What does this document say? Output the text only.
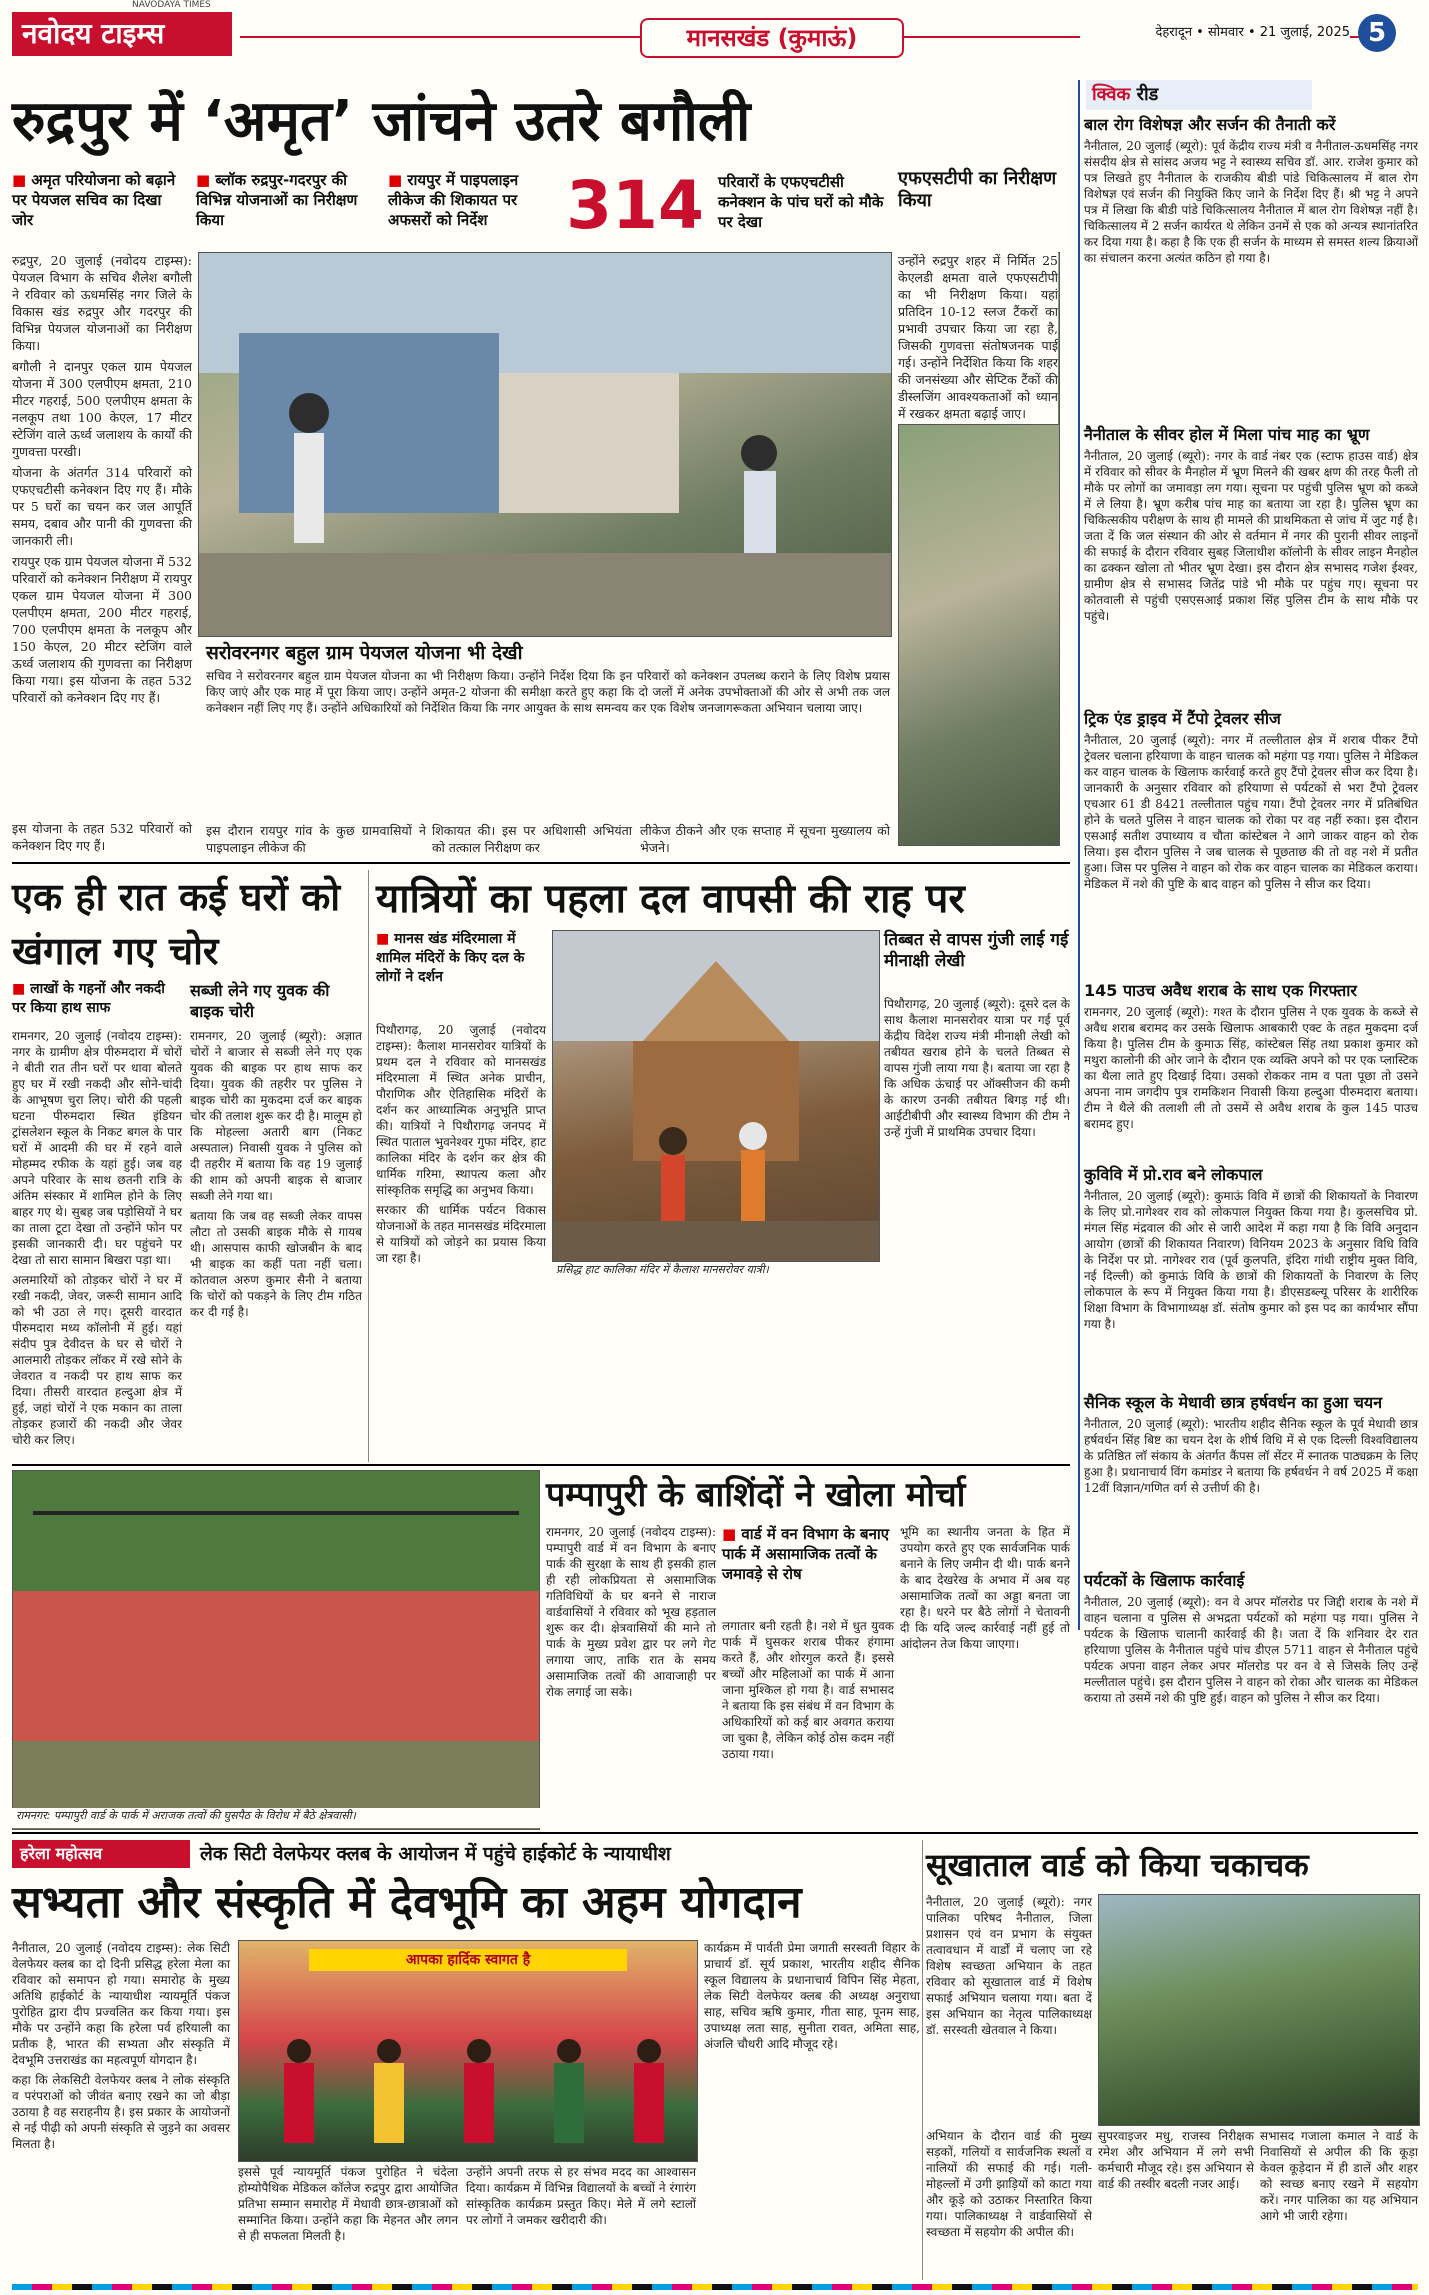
NAVODAYA TIMES
नवोदय टाइम्स	मानसखंड (कुमाऊं)	देहरादून • सोमवार • 21 जुलाई, 2025 5
रुद्रपुर में ‘अमृत’ जांचने उतरे बगौली
■ अमृत परियोजना को बढ़ाने पर पेयजल सचिव का दिखा जोर
■ ब्लॉक रुद्रपुर-गदरपुर की विभिन्न योजनाओं का निरीक्षण किया
■ रायपुर में पाइपलाइन लीकेज की शिकायत पर अफसरों को निर्देश	314 परिवारों के एफएचटीसी कनेक्शन के पांच घरों को मौके पर देखा

रुद्रपुर, 20 जुलाई (नवोदय टाइम्स): पेयजल विभाग के सचिव शैलेश बगौली ने रविवार को ऊधमसिंह नगर जिले के विकास खंड रुद्रपुर और गदरपुर की विभिन्न पेयजल योजनाओं का निरीक्षण किया।

बगौली ने दानपुर एकल ग्राम पेयजल योजना में 300 एलपीएम क्षमता, 210 मीटर गहराई, 500 एलपीएम क्षमता के नलकूप तथा 100 केएल, 17 मीटर स्टेजिंग वाले ऊर्ध्व जलाशय के कार्यों की गुणवत्ता परखी।

योजना के अंतर्गत 314 परिवारों को एफएचटीसी कनेक्शन दिए गए हैं। मौके पर 5 घरों का चयन कर जल आपूर्ति समय, दबाव और पानी की गुणवत्ता की जानकारी ली।

रायपुर एक ग्राम पेयजल योजना में 532 परिवारों को कनेक्शन निरीक्षण में रायपुर एकल ग्राम पेयजल योजना में 300 एलपीएम क्षमता, 200 मीटर गहराई, 700 एलपीएम क्षमता के नलकूप और 150 केएल, 20 मीटर स्टेजिंग वाले ऊर्ध्व जलाशय की गुणवत्ता का निरीक्षण किया गया। इस योजना के तहत 532 परिवारों को कनेक्शन दिए गए हैं।

एफएसटीपी का निरीक्षण किया
उन्होंने रुद्रपुर शहर में निर्मित 25 केएलडी क्षमता वाले एफएसटीपी का भी निरीक्षण किया। यहां प्रतिदिन 10-12 स्लज टैंकरों का प्रभावी उपचार किया जा रहा है, जिसकी गुणवत्ता संतोषजनक पाई गई। उन्होंने निर्देशित किया कि शहर की जनसंख्या और सेप्टिक टैंकों की डीस्लजिंग आवश्यकताओं को ध्यान में रखकर क्षमता बढ़ाई जाए।
सरोवरनगर बहुल ग्राम पेयजल योजना भी देखी
सचिव ने सरोवरनगर बहुल ग्राम पेयजल योजना का भी निरीक्षण किया। उन्होंने निर्देश दिया कि इन परिवारों को कनेक्शन उपलब्ध कराने के लिए विशेष प्रयास किए जाएं और एक माह में पूरा किया जाए। उन्होंने अमृत-2 योजना की समीक्षा करते हुए कहा कि दो जलों में अनेक उपभोक्ताओं की ओर से अभी तक जल कनेक्शन नहीं लिए गए हैं। उन्होंने अधिकारियों को निर्देशित किया कि नगर आयुक्त के साथ समन्वय कर एक विशेष जनजागरूकता अभियान चलाया जाए।
इस योजना के तहत 532 परिवारों को कनेक्शन दिए गए हैं।
इस दौरान रायपुर गांव के कुछ ग्रामवासियों ने पाइपलाइन लीकेज की
शिकायत की। इस पर अधिशासी अभियंता को तत्काल निरीक्षण कर
लीकेज ठीकने और एक सप्ताह में सूचना मुख्यालय को भेजने।
क्विक रीड
बाल रोग विशेषज्ञ और सर्जन की तैनाती करें
नैनीताल, 20 जुलाई (ब्यूरो): पूर्व केंद्रीय राज्य मंत्री व नैनीताल-ऊधमसिंह नगर संसदीय क्षेत्र से सांसद अजय भट्ट ने स्वास्थ्य सचिव डॉ. आर. राजेश कुमार को पत्र लिखते हुए नैनीताल के राजकीय बीडी पांडे चिकित्सालय में बाल रोग विशेषज्ञ एवं सर्जन की नियुक्ति किए जाने के निर्देश दिए हैं। श्री भट्ट ने अपने पत्र में लिखा कि बीडी पांडे चिकित्सालय नैनीताल में बाल रोग विशेषज्ञ नहीं है। चिकित्सालय में 2 सर्जन कार्यरत थे लेकिन उनमें से एक को अन्यत्र स्थानांतरित कर दिया गया है। कहा है कि एक ही सर्जन के माध्यम से समस्त शल्य क्रियाओं का संचालन करना अत्यंत कठिन हो गया है।
नैनीताल के सीवर होल में मिला पांच माह का भ्रूण
नैनीताल, 20 जुलाई (ब्यूरो): नगर के वार्ड नंबर एक (स्टाफ हाउस वार्ड) क्षेत्र में रविवार को सीवर के मैनहोल में भ्रूण मिलने की खबर क्षण की तरह फैली तो मौके पर लोगों का जमावड़ा लग गया। सूचना पर पहुंची पुलिस भ्रूण को कब्जे में ले लिया है। भ्रूण करीब पांच माह का बताया जा रहा है। पुलिस भ्रूण का चिकित्सकीय परीक्षण के साथ ही मामले की प्राथमिकता से जांच में जुट गई है। जता दें कि जल संस्थान की ओर से वर्तमान में नगर की पुरानी सीवर लाइनों की सफाई के दौरान रविवार सुबह जिलाधीश कॉलोनी के सीवर लाइन मैनहोल का ढक्कन खोला तो भीतर भ्रूण देखा। इस दौरान क्षेत्र सभासद गजेश ईश्वर, ग्रामीण क्षेत्र से सभासद जितेंद्र पांडे भी मौके पर पहुंच गए। सूचना पर कोतवाली से पहुंची एसएसआई प्रकाश सिंह पुलिस टीम के साथ मौके पर पहुंचे।
ट्रिक एंड ड्राइव में टैंपो ट्रेवलर सीज
नैनीताल, 20 जुलाई (ब्यूरो): नगर में तल्लीताल क्षेत्र में शराब पीकर टैंपो ट्रेवलर चलाना हरियाणा के वाहन चालक को महंगा पड़ गया। पुलिस ने मेडिकल कर वाहन चालक के खिलाफ कार्रवाई करते हुए टैंपो ट्रेवलर सीज कर दिया है। जानकारी के अनुसार रविवार को हरियाणा से पर्यटकों से भरा टैंपो ट्रेवलर एचआर 61 डी 8421 तल्लीताल पहुंच गया। टैंपो ट्रेवलर नगर में प्रतिबंधित होने के चलते पुलिस ने वाहन चालक को रोका पर वह नहीं रुका। इस दौरान एसआई सतीश उपाध्याय व चौता कांस्टेबल ने आगे जाकर वाहन को रोक लिया। इस दौरान पुलिस ने जब चालक से पूछताछ की तो वह नशे में प्रतीत हुआ। जिस पर पुलिस ने वाहन को रोक कर वाहन चालक का मेडिकल कराया। मेडिकल में नशे की पुष्टि के बाद वाहन को पुलिस ने सीज कर दिया।
145 पाउच अवैध शराब के साथ एक गिरफ्तार
रामनगर, 20 जुलाई (ब्यूरो): गश्त के दौरान पुलिस ने एक युवक के कब्जे से अवैध शराब बरामद कर उसके खिलाफ आबकारी एक्ट के तहत मुकदमा दर्ज किया है। पुलिस टीम के कुमाऊ सिंह, कांस्टेबल सिंह तथा प्रकाश कुमार को मथुरा कालोनी की ओर जाने के दौरान एक व्यक्ति अपने को पर एक प्लास्टिक का थैला लाते हुए दिखाई दिया। उसको रोककर नाम व पता पूछा तो उसने अपना नाम जगदीप पुत्र रामकिशन निवासी किया हल्दुआ पीरुमदारा बताया। टीम ने थैले की तलाशी ली तो उसमें से अवैध शराब के कुल 145 पाउच बरामद हुए।
कुविवि में प्रो.राव बने लोकपाल
नैनीताल, 20 जुलाई (ब्यूरो): कुमाऊं विवि में छात्रों की शिकायतों के निवारण के लिए प्रो.नागेश्वर राव को लोकपाल नियुक्त किया गया है। कुलसचिव प्रो. मंगल सिंह मंद्रवाल की ओर से जारी आदेश में कहा गया है कि विवि अनुदान आयोग (छात्रों की शिकायत निवारण) विनियम 2023 के अनुसार विधि विवि के निर्देश पर प्रो. नागेश्वर राव (पूर्व कुलपति, इंदिरा गांधी राष्ट्रीय मुक्त विवि, नई दिल्ली) को कुमाऊं विवि के छात्रों की शिकायतों के निवारण के लिए लोकपाल के रूप में नियुक्त किया गया है। डीएसडब्ल्यू परिसर के शारीरिक शिक्षा विभाग के विभागाध्यक्ष डॉ. संतोष कुमार को इस पद का कार्यभार सौंपा गया है।
सैनिक स्कूल के मेधावी छात्र हर्षवर्धन का हुआ चयन
नैनीताल, 20 जुलाई (ब्यूरो): भारतीय शहीद सैनिक स्कूल के पूर्व मेधावी छात्र हर्षवर्धन सिंह बिष्ट का चयन देश के शीर्ष विधि में से एक दिल्ली विश्वविद्यालय के प्रतिष्ठित लाॅ संकाय के अंतर्गत कैंपस लॉ सेंटर में स्नातक पाठ्यक्रम के लिए हुआ है। प्रधानाचार्य विंग कमांडर ने बताया कि हर्षवर्धन ने वर्ष 2025 में कक्षा 12वीं विज्ञान/गणित वर्ग से उत्तीर्ण की है।
पर्यटकों के खिलाफ कार्रवाई
नैनीताल, 20 जुलाई (ब्यूरो): वन वे अपर माॅलरोड पर जिद्दी शराब के नशे में वाहन चलाना व पुलिस से अभद्रता पर्यटकों को महंगा पड़ गया। पुलिस ने पर्यटक के खिलाफ चालानी कार्रवाई की है। जता दें कि शनिवार देर रात हरियाणा पुलिस के नैनीताल पहुंचे पांच डीएल 5711 वाहन से नैनीताल पहुंचे पर्यटक अपना वाहन लेकर अपर माॅलरोड पर वन वे से जिसके लिए उन्हें मल्लीताल पहुंचे। इस दौरान पुलिस ने वाहन को रोका और चालक का मेडिकल कराया तो उसमें नशे की पुष्टि हुई। वाहन को पुलिस ने सीज कर दिया।
एक ही रात कई घरों को खंगाल गए चोर
■ लाखों के गहनों और नकदी पर किया हाथ साफ

रामनगर, 20 जुलाई (नवोदय टाइम्स): नगर के ग्रामीण क्षेत्र पीरुमदारा में चोरों ने बीती रात तीन घरों पर धावा बोलते हुए घर में रखी नकदी और सोने-चांदी के आभूषण चुरा लिए। चोरी की पहली घटना पीरुमदारा स्थित इंडियन ट्रांसलेशन स्कूल के निकट बगल के पार घरों में आदमी की घर में रहने वाले मोहम्मद रफीक के यहां हुई। जब वह अपने परिवार के साथ छतनी रात्रि के अंतिम संस्कार में शामिल होने के लिए बाहर गए थे। सुबह जब पड़ोसियों ने घर का ताला टूटा देखा तो उन्होंने फोन पर इसकी जानकारी दी। घर पहुंचने पर देखा तो सारा सामान बिखरा पड़ा था।

अलमारियों को तोड़कर चोरों ने घर में रखी नकदी, जेवर, जरूरी सामान आदि को भी उठा ले गए। दूसरी वारदात पीरुमदारा मध्य कॉलोनी में हुई। यहां संदीप पुत्र देवीदत्त के घर से चोरों ने आलमारी तोड़कर लॉकर में रखे सोने के जेवरात व नकदी पर हाथ साफ कर दिया। तीसरी वारदात हल्दुआ क्षेत्र में हुई, जहां चोरों ने एक मकान का ताला तोड़कर हजारों की नकदी और जेवर चोरी कर लिए।

सब्जी लेने गए युवक की बाइक चोरी

रामनगर, 20 जुलाई (ब्यूरो): अज्ञात चोरों ने बाजार से सब्जी लेने गए एक युवक की बाइक पर हाथ साफ कर दिया। युवक की तहरीर पर पुलिस ने बाइक चोरी का मुकदमा दर्ज कर बाइक चोर की तलाश शुरू कर दी है। मालूम हो कि मोहल्ला अतारी बाग (निकट अस्पताल) निवासी युवक ने पुलिस को दी तहरीर में बताया कि वह 19 जुलाई की शाम को अपनी बाइक से बाजार सब्जी लेने गया था।

बताया कि जब वह सब्जी लेकर वापस लौटा तो उसकी बाइक मौके से गायब थी। आसपास काफी खोजबीन के बाद भी बाइक का कहीं पता नहीं चला। कोतवाल अरुण कुमार सैनी ने बताया कि चोरों को पकड़ने के लिए टीम गठित कर दी गई है।

यात्रियों का पहला दल वापसी की राह पर
■ मानस खंड मंदिरमाला में शामिल मंदिरों के किए दल के लोगों ने दर्शन

पिथौरागढ़, 20 जुलाई (नवोदय टाइम्स): कैलाश मानसरोवर यात्रियों के प्रथम दल ने रविवार को मानसखंड मंदिरमाला में स्थित अनेक प्राचीन, पौराणिक और ऐतिहासिक मंदिरों के दर्शन कर आध्यात्मिक अनुभूति प्राप्त की। यात्रियों ने पिथौरागढ़ जनपद में स्थित पाताल भुवनेश्वर गुफा मंदिर, हाट कालिका मंदिर के दर्शन कर क्षेत्र की धार्मिक गरिमा, स्थापत्य कला और सांस्कृतिक समृद्धि का अनुभव किया।

सरकार की धार्मिक पर्यटन विकास योजनाओं के तहत मानसखंड मंदिरमाला से यात्रियों को जोड़ने का प्रयास किया जा रहा है।

प्रसिद्ध हाट कालिका मंदिर में कैलाश मानसरोवर यात्री।
तिब्बत से वापस गुंजी लाई गई मीनाक्षी लेखी
पिथौरागढ़, 20 जुलाई (ब्यूरो): दूसरे दल के साथ कैलाश मानसरोवर यात्रा पर गई पूर्व केंद्रीय विदेश राज्य मंत्री मीनाक्षी लेखी को तबीयत खराब होने के चलते तिब्बत से वापस गुंजी लाया गया है। बताया जा रहा है कि अधिक ऊंचाई पर ऑक्सीजन की कमी के कारण उनकी तबीयत बिगड़ गई थी। आईटीबीपी और स्वास्थ्य विभाग की टीम ने उन्हें गुंजी में प्राथमिक उपचार दिया।
रामनगर: पम्पापुरी वार्ड के पार्क में अराजक तत्वों की घुसपैठ के विरोध में बैठे क्षेत्रवासी।
पम्पापुरी के बाशिंदों ने खोला मोर्चा
रामनगर, 20 जुलाई (नवोदय टाइम्स): पम्पापुरी वार्ड में वन विभाग के बनाए पार्क की सुरक्षा के साथ ही इसकी हाल ही रही लोकप्रियता से असामाजिक गतिविधियों के घर बनने से नाराज वार्डवासियों ने रविवार को भूख हड़ताल शुरू कर दी। क्षेत्रवासियों की माने तो पार्क के मुख्य प्रवेश द्वार पर लगे गेट लगाया जाए, ताकि रात के समय असामाजिक तत्वों की आवाजाही पर रोक लगाई जा सके।
■ वार्ड में वन विभाग के बनाए पार्क में असामाजिक तत्वों के जमावड़े से रोष
लगातार बनी रहती है। नशे में धुत युवक पार्क में घुसकर शराब पीकर हंगामा करते हैं, और शोरगुल करते हैं। इससे बच्चों और महिलाओं का पार्क में आना जाना मुश्किल हो गया है। वार्ड सभासद ने बताया कि इस संबंध में वन विभाग के अधिकारियों को कई बार अवगत कराया जा चुका है, लेकिन कोई ठोस कदम नहीं उठाया गया।
भूमि का स्थानीय जनता के हित में उपयोग करते हुए एक सार्वजनिक पार्क बनाने के लिए जमीन दी थी। पार्क बनने के बाद देखरेख के अभाव में अब यह असामाजिक तत्वों का अड्डा बनता जा रहा है। धरने पर बैठे लोगों ने चेतावनी दी कि यदि जल्द कार्रवाई नहीं हुई तो आंदोलन तेज किया जाएगा।
हरेला महोत्सव	लेक सिटी वेलफेयर क्लब के आयोजन में पहुंचे हाईकोर्ट के न्यायाधीश
सभ्यता और संस्कृति में देवभूमि का अहम योगदान

नैनीताल, 20 जुलाई (नवोदय टाइम्स): लेक सिटी वेलफेयर क्लब का दो दिनी प्रसिद्ध हरेला मेला का रविवार को समापन हो गया। समारोह के मुख्य अतिथि हाईकोर्ट के न्यायाधीश न्यायमूर्ति पंकज पुरोहित द्वारा दीप प्रज्वलित कर किया गया। इस मौके पर उन्होंने कहा कि हरेला पर्व हरियाली का प्रतीक है, भारत की सभ्यता और संस्कृति में देवभूमि उत्तराखंड का महत्वपूर्ण योगदान है।

कहा कि लेकसिटी वेलफेयर क्लब ने लोक संस्कृति व परंपराओं को जीवंत बनाए रखने का जो बीड़ा उठाया है वह सराहनीय है। इस प्रकार के आयोजनों से नई पीढ़ी को अपनी संस्कृति से जुड़ने का अवसर मिलता है।

आपका हार्दिक स्वागत है
इससे पूर्व न्यायमूर्ति पंकज पुरोहित ने चंदेला होम्योपैथिक मेडिकल कॉलेज रुद्रपुर द्वारा आयोजित प्रतिभा सम्मान समारोह में मेधावी छात्र-छात्राओं को सम्मानित किया। उन्होंने कहा कि मेहनत और लगन से ही सफलता मिलती है।
उन्होंने अपनी तरफ से हर संभव मदद का आश्वासन दिया। कार्यक्रम में विभिन्न विद्यालयों के बच्चों ने रंगारंग सांस्कृतिक कार्यक्रम प्रस्तुत किए। मेले में लगे स्टालों पर लोगों ने जमकर खरीदारी की।
कार्यक्रम में पार्वती प्रेमा जगाती सरस्वती विहार के प्राचार्य डॉ. सूर्य प्रकाश, भारतीय शहीद सैनिक स्कूल विद्यालय के प्रधानाचार्य विपिन सिंह मेहता, लेक सिटी वेलफेयर क्लब की अध्यक्ष अनुराधा साह, सचिव ऋषि कुमार, गीता साह, पूनम साह, उपाध्यक्ष लता साह, सुनीता रावत, अमिता साह, अंजलि चौधरी आदि मौजूद रहे।
सूखाताल वार्ड को किया चकाचक

नैनीताल, 20 जुलाई (ब्यूरो): नगर पालिका परिषद नैनीताल, जिला प्रशासन एवं वन प्रभाग के संयुक्त तत्वावधान में वार्डों में चलाए जा रहे विशेष स्वच्छता अभियान के तहत रविवार को सूखाताल वार्ड में विशेष सफाई अभियान चलाया गया। बता दें इस अभियान का नेतृत्व पालिकाध्यक्ष डॉ. सरस्वती खेतवाल ने किया।

अभियान के दौरान वार्ड की मुख्य सड़कों, गलियों व सार्वजनिक स्थलों व नालियों की सफाई की गई। गली-मोहल्लों में उगी झाड़ियों को काटा गया और कूड़े को उठाकर निस्तारित किया गया। पालिकाध्यक्ष ने वार्डवासियों से स्वच्छता में सहयोग की अपील की।
सुपरवाइजर मधु, राजस्व निरीक्षक रमेश और अभियान में लगे सभी कर्मचारी मौजूद रहे। इस अभियान से वार्ड की तस्वीर बदली नजर आई।
सभासद गजाला कमाल ने वार्ड के निवासियों से अपील की कि कूड़ा केवल कूड़ेदान में ही डालें और शहर को स्वच्छ बनाए रखने में सहयोग करें। नगर पालिका का यह अभियान आगे भी जारी रहेगा।
